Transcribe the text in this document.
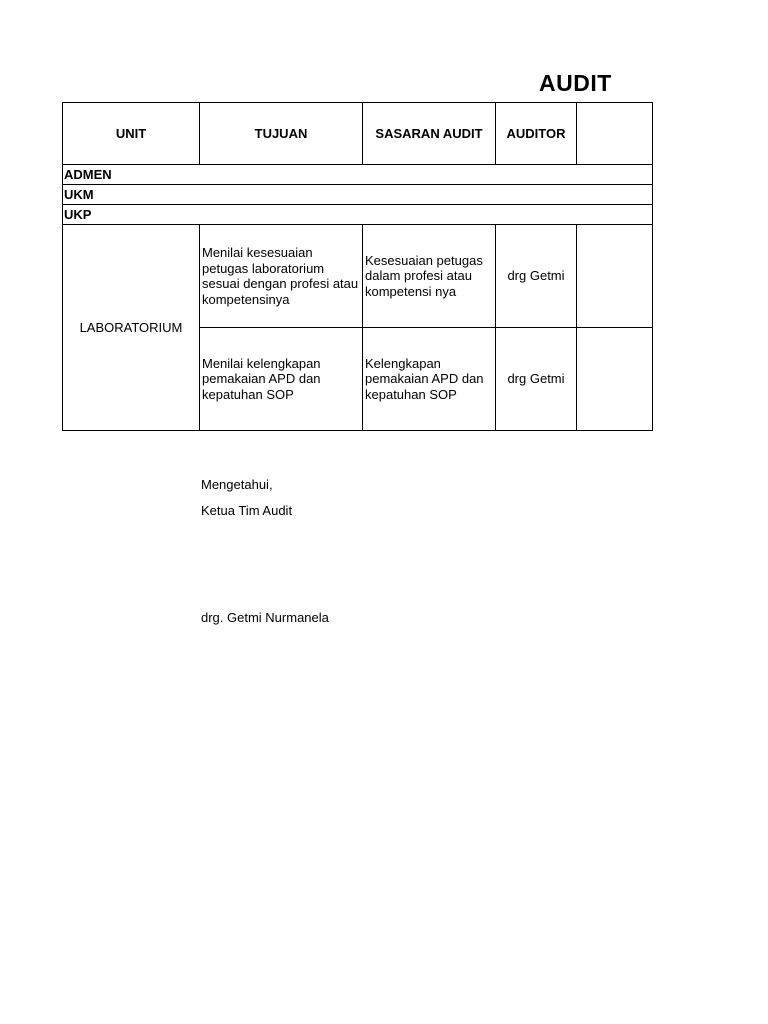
AUDIT
UNIT	TUJUAN	SASARAN AUDIT	AUDITOR	
ADMEN				
UKM				
UKP				
LABORATORIUM	Menilai kesesuaian petugas laboratorium sesuai dengan profesi atau kompetensinya	Kesesuaian petugas dalam profesi atau kompetensi nya	drg Getmi	
	Menilai kelengkapan pemakaian APD dan kepatuhan SOP	Kelengkapan pemakaian APD dan kepatuhan SOP	drg Getmi	
Mengetahui,
Ketua Tim Audit
drg. Getmi Nurmanela
